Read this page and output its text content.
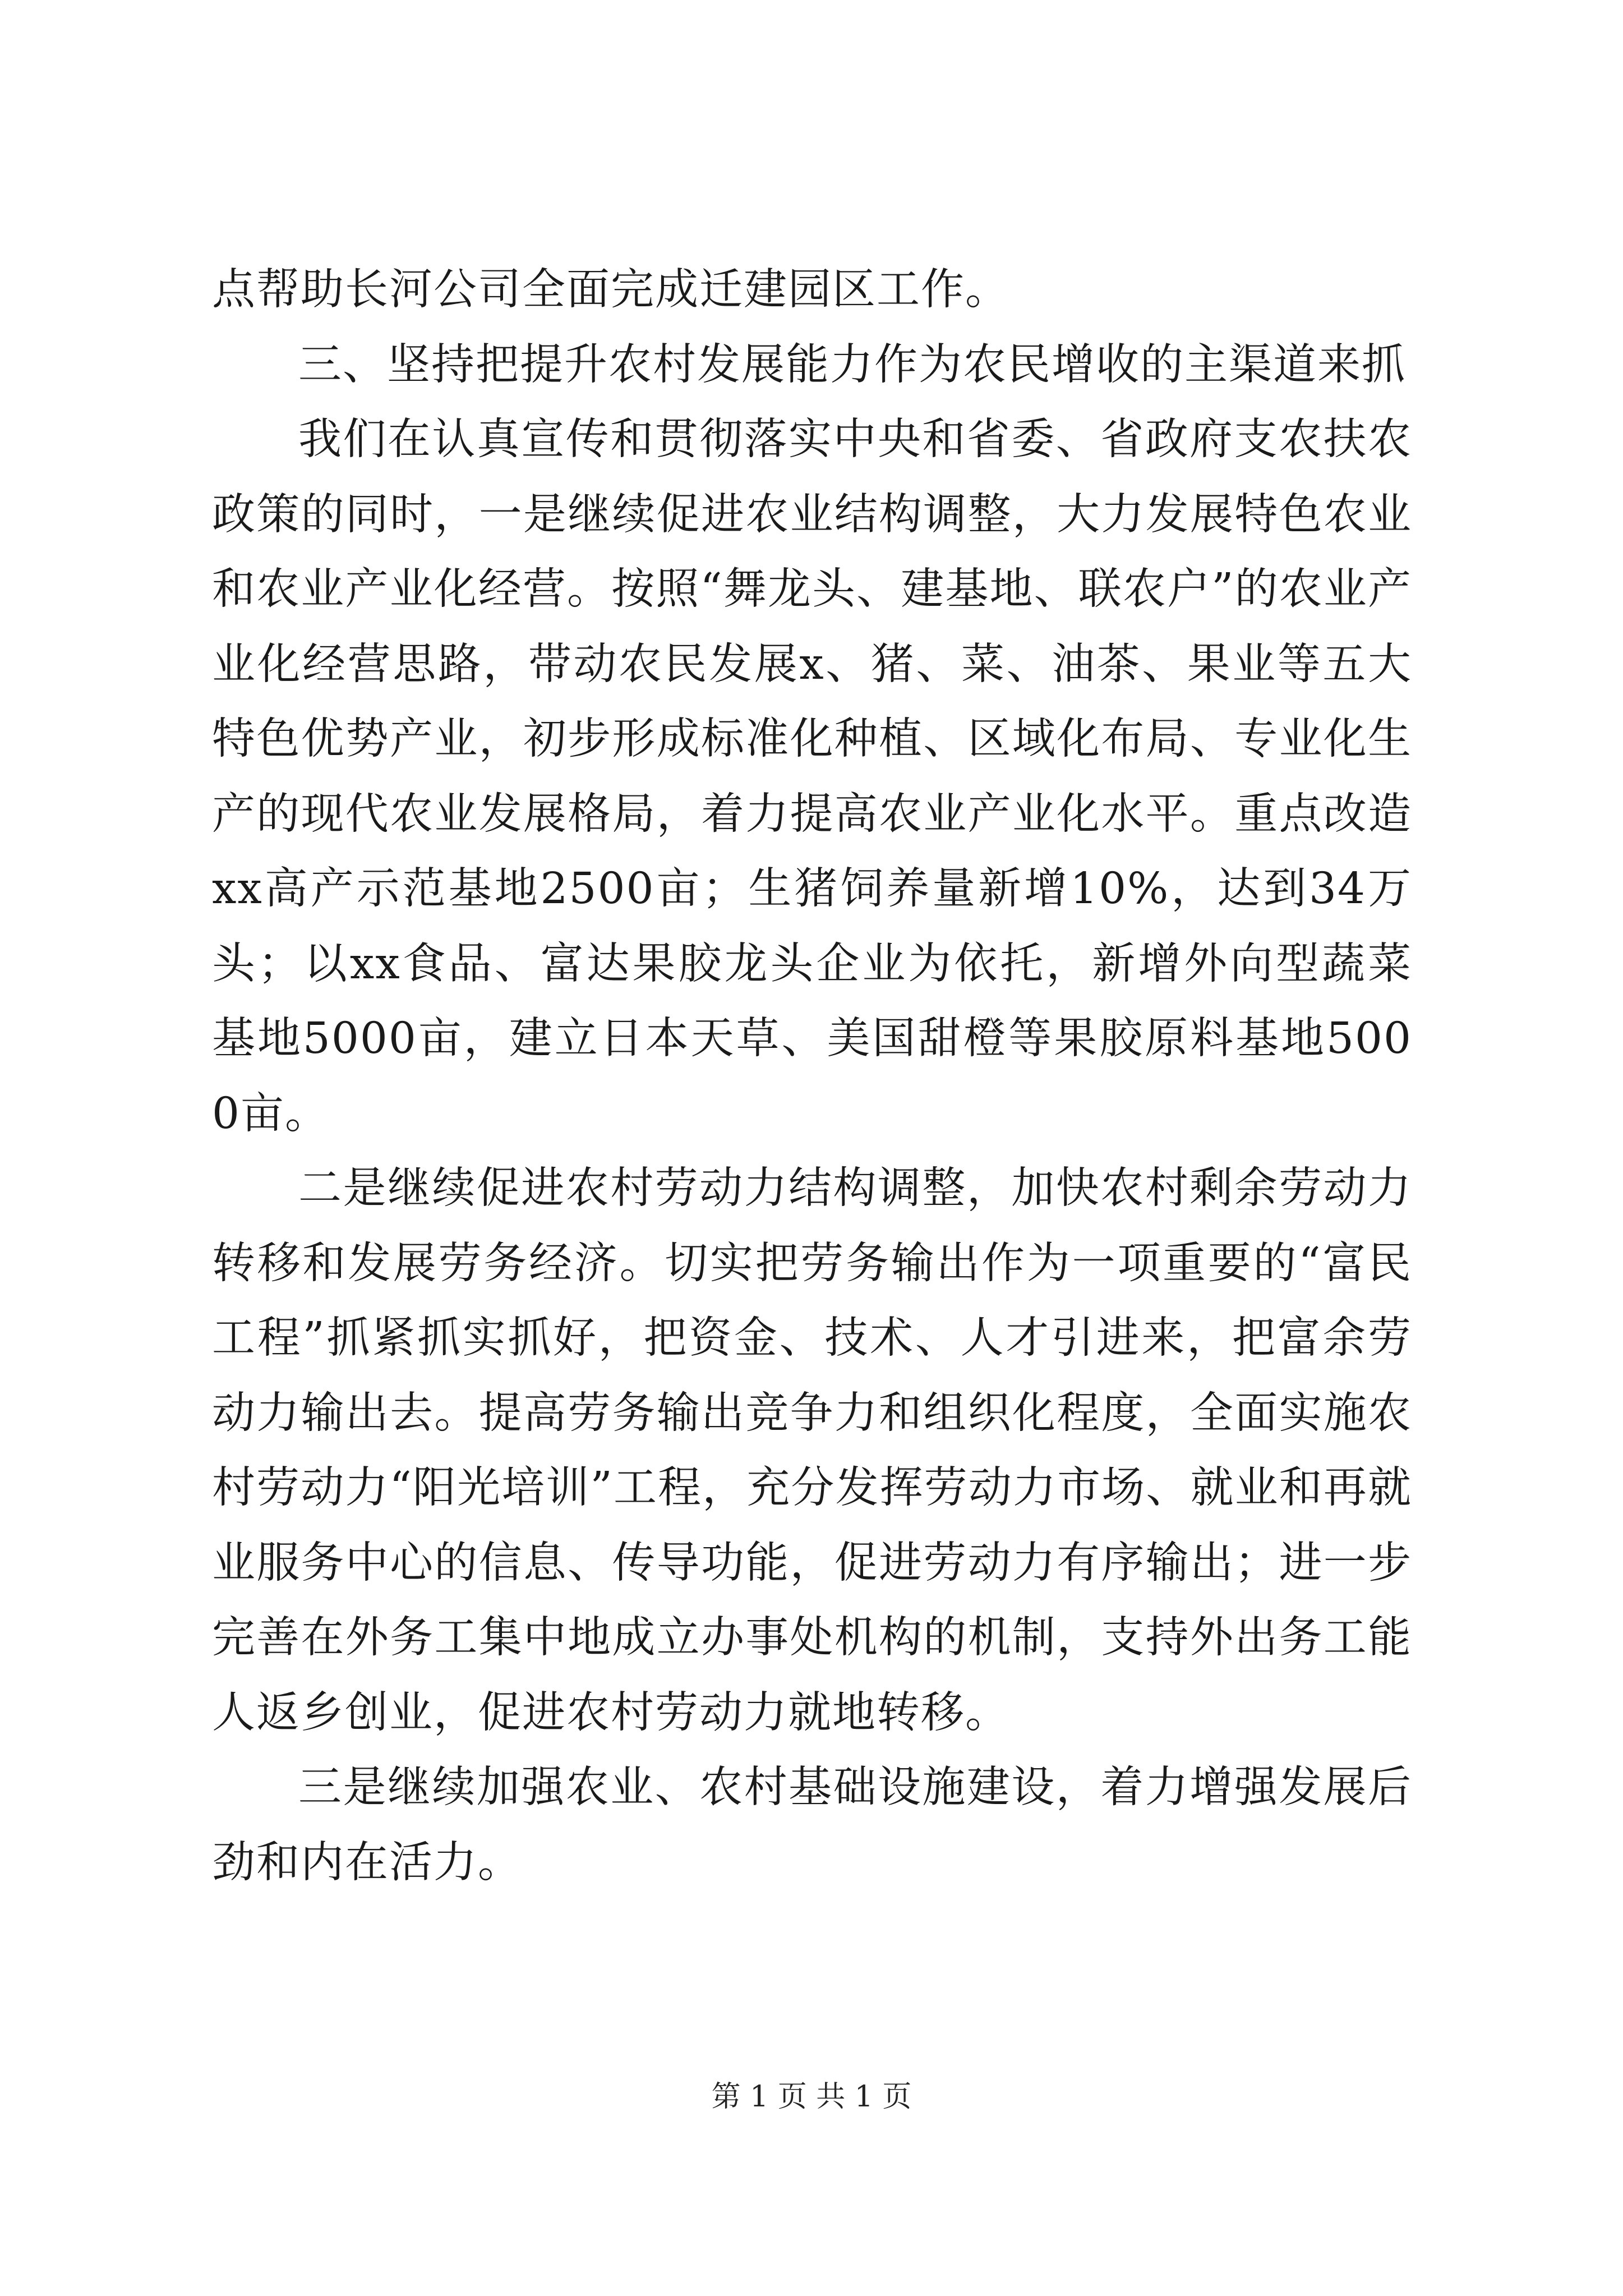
点帮助长河公司全面完成迁建园区工作。

三、坚持把提升农村发展能力作为农民增收的主渠道来抓

我们在认真宣传和贯彻落实中央和省委、省政府支农扶农政策的同时，一是继续促进农业结构调整，大力发展特色农业和农业产业化经营。按照“舞龙头、建基地、联农户”的农业产业化经营思路，带动农民发展x、猪、菜、油茶、果业等五大特色优势产业，初步形成标准化种植、区域化布局、专业化生产的现代农业发展格局，着力提高农业产业化水平。重点改造xx高产示范基地2500亩；生猪饲养量新增10%，达到34万头；以xx食品、富达果胶龙头企业为依托，新增外向型蔬菜基地5000亩，建立日本天草、美国甜橙等果胶原料基地5000亩。

二是继续促进农村劳动力结构调整，加快农村剩余劳动力转移和发展劳务经济。切实把劳务输出作为一项重要的“富民工程”抓紧抓实抓好，把资金、技术、人才引进来，把富余劳动力输出去。提高劳务输出竞争力和组织化程度，全面实施农村劳动力“阳光培训”工程，充分发挥劳动力市场、就业和再就业服务中心的信息、传导功能，促进劳动力有序输出；进一步完善在外务工集中地成立办事处机构的机制，支持外出务工能人返乡创业，促进农村劳动力就地转移。

三是继续加强农业、农村基础设施建设，着力增强发展后劲和内在活力。

第 1 页 共 1 页
